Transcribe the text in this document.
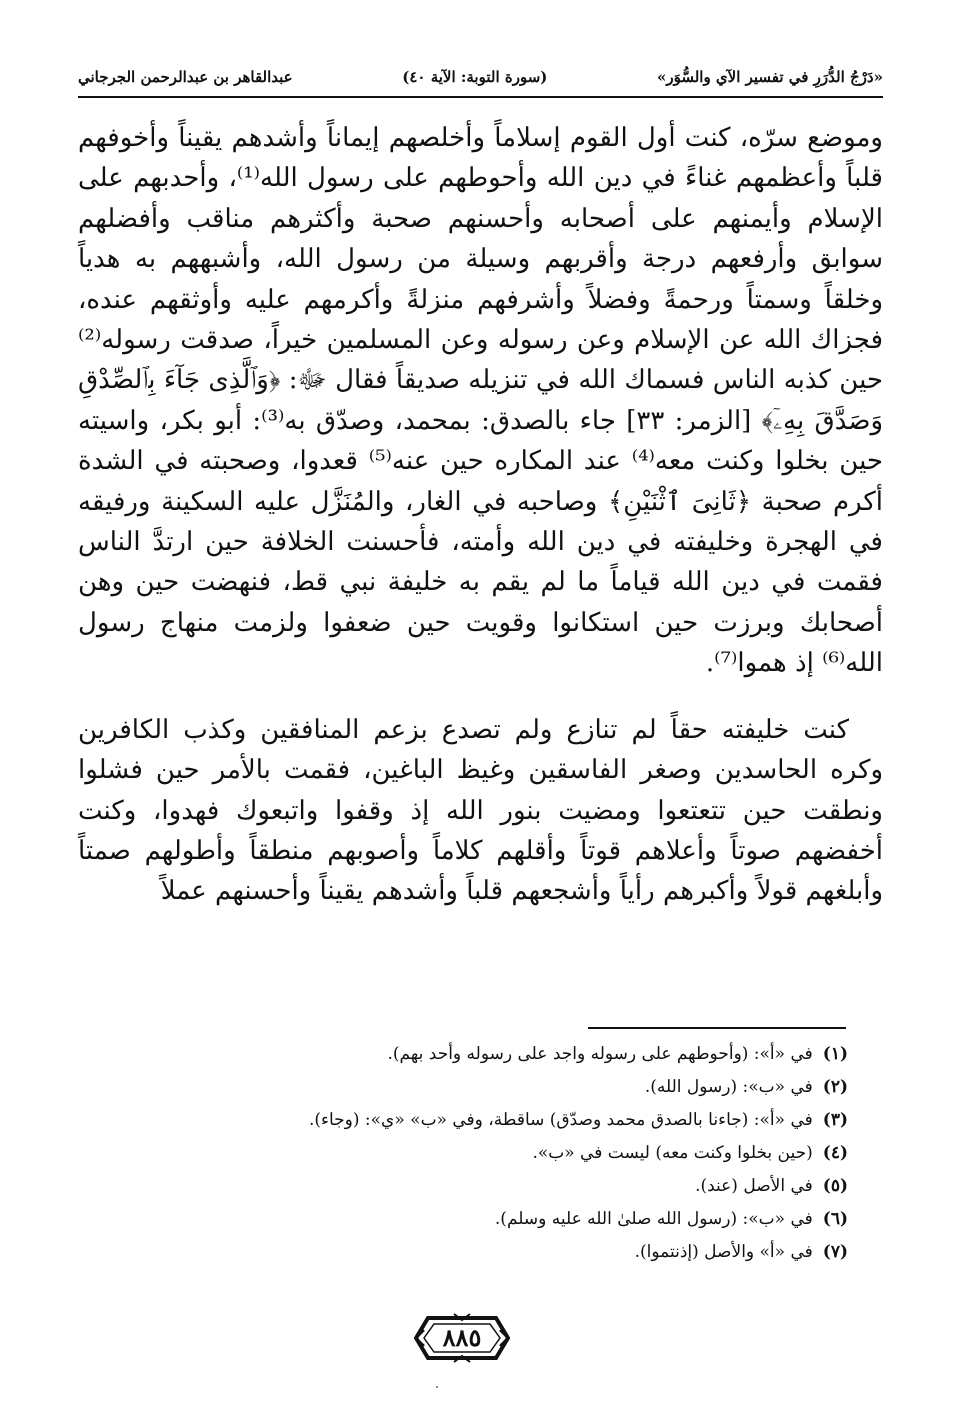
عبدالقاهر بن عبدالرحمن الجرجاني	(سورة التوبة: الآية ٤٠)	«دَرْجُ الدُّرَرِ في تفسير الآي والسُّوَر»

وموضع سرّه، كنت أول القوم إسلاماً وأخلصهم إيماناً وأشدهم يقيناً وأخوفهم قلباً وأعظمهم غناءً في دين الله وأحوطهم على رسول الله⁽¹⁾، وأحدبهم على الإسلام وأيمنهم على أصحابه وأحسنهم صحبة وأكثرهم مناقب وأفضلهم سوابق وأرفعهم درجة وأقربهم وسيلة من رسول الله، وأشبههم به هدياً وخلقاً وسمتاً ورحمةً وفضلاً وأشرفهم منزلةً وأكرمهم عليه وأوثقهم عنده، فجزاك الله عن الإسلام وعن رسوله وعن المسلمين خيراً، صدقت رسوله⁽²⁾ حين كذبه الناس فسماك الله في تنزيله صديقاً فقال ﷻ: ﴿وَٱلَّذِى جَآءَ بِٱلصِّدْقِ وَصَدَّقَ بِهِۦٓ﴾ [الزمر: ٣٣] جاء بالصدق: بمحمد، وصدّق به⁽³⁾: أبو بكر، واسيته حين بخلوا وكنت معه⁽⁴⁾ عند المكاره حين عنه⁽⁵⁾ قعدوا، وصحبته في الشدة أكرم صحبة ﴿ثَانِىَ ٱثْنَيْنِ﴾ وصاحبه في الغار، والمُنَزَّل عليه السكينة ورفيقه في الهجرة وخليفته في دين الله وأمته، فأحسنت الخلافة حين ارتدَّ الناس فقمت في دين الله قياماً ما لم يقم به خليفة نبي قط، فنهضت حين وهن أصحابك وبرزت حين استكانوا وقويت حين ضعفوا ولزمت منهاج رسول الله⁽⁶⁾ إذ هموا⁽⁷⁾.

كنت خليفته حقاً لم تنازع ولم تصدع بزعم المنافقين وكذب الكافرين وكره الحاسدين وصغر الفاسقين وغيظ الباغين، فقمت بالأمر حين فشلوا ونطقت حين تتعتعوا ومضيت بنور الله إذ وقفوا واتبعوك فهدوا، وكنت أخفضهم صوتاً وأعلاهم قوتاً وأقلهم كلاماً وأصوبهم منطقاً وأطولهم صمتاً وأبلغهم قولاً وأكبرهم رأياً وأشجعهم قلباً وأشدهم يقيناً وأحسنهم عملاً

(١)في «أ»: (وأحوطهم على رسوله واجد على رسوله وأحد بهم).
(٢)في «ب»: (رسول الله).
(٣)في «أ»: (جاءنا بالصدق محمد وصدّق) ساقطة، وفي «ب» «ي»: (وجاء).
(٤)(حين بخلوا وكنت معه) ليست في «ب».
(٥)في الأصل (عند).
(٦)في «ب»: (رسول الله صلىٰ الله عليه وسلم).
(٧)في «أ» والأصل (إذنتموا).
٨٨٥
